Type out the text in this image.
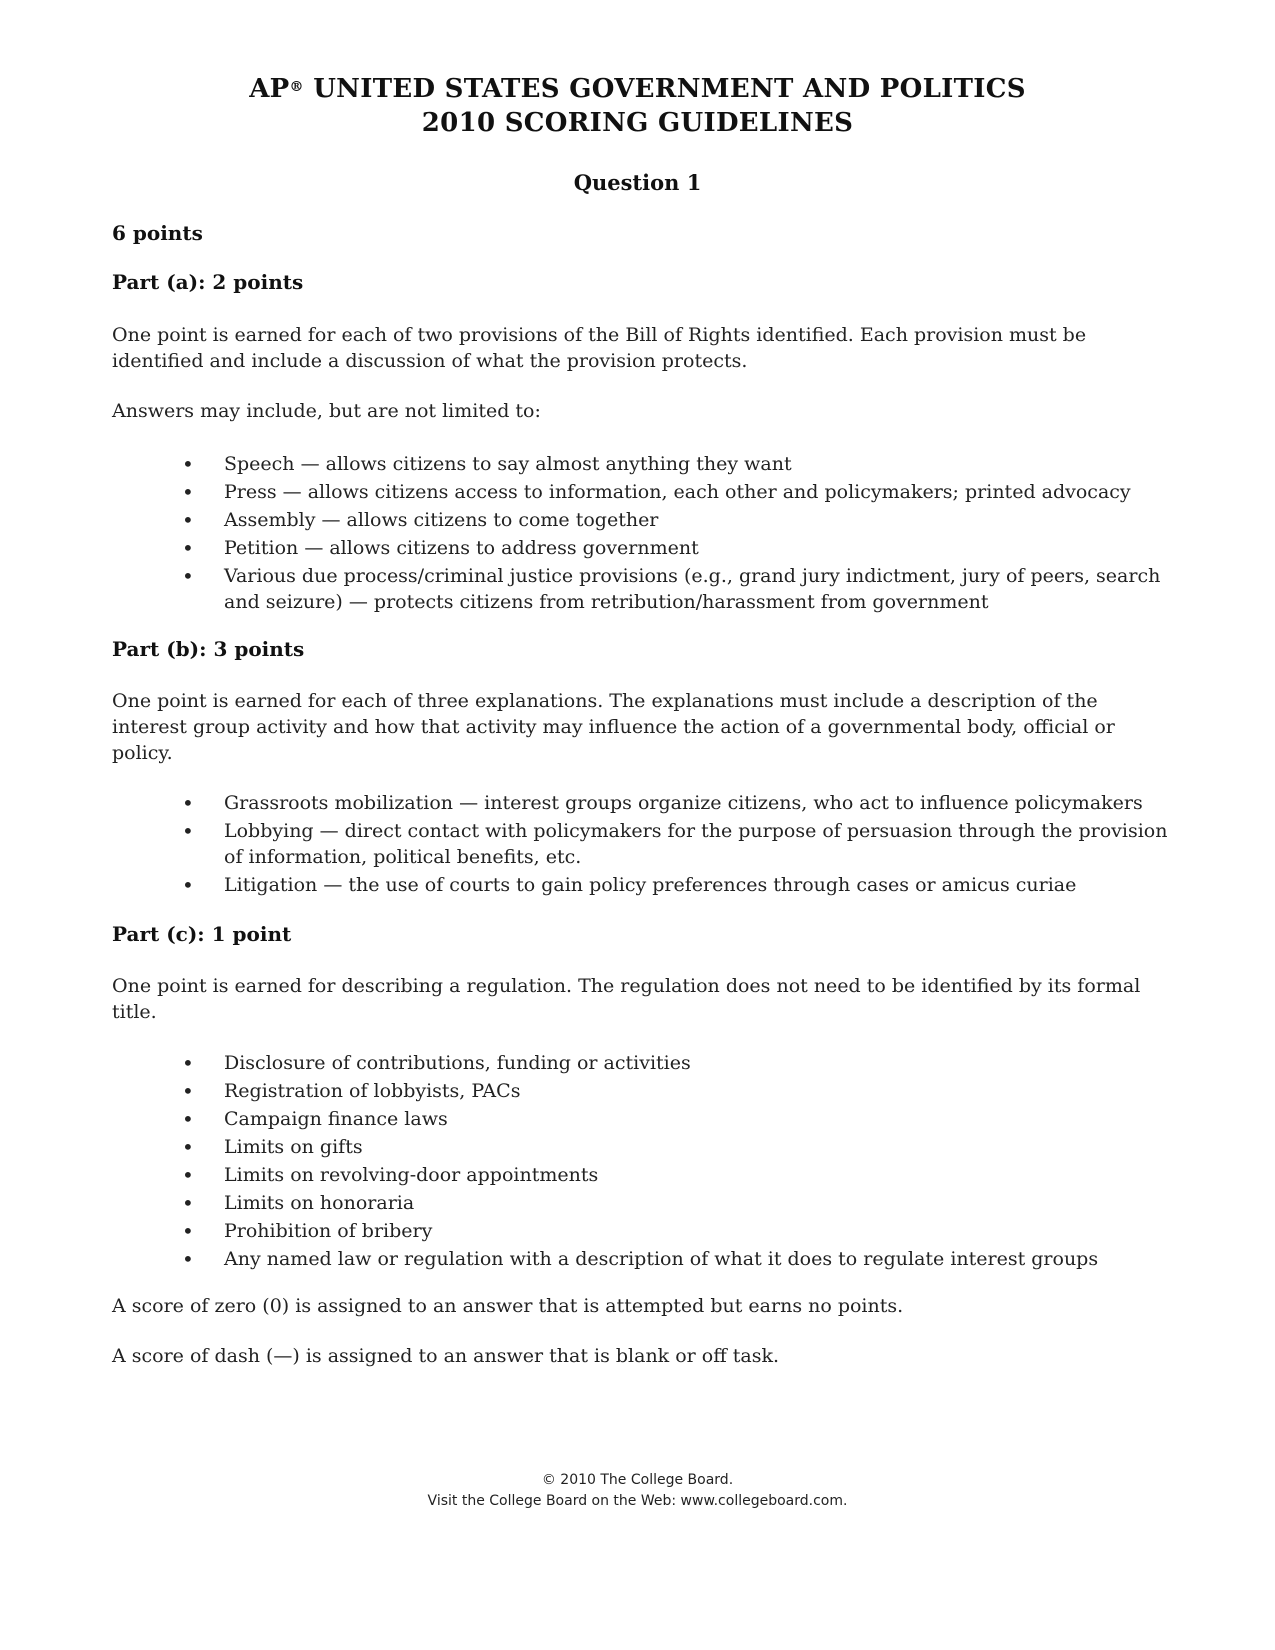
AP® UNITED STATES GOVERNMENT AND POLITICS
2010 SCORING GUIDELINES
Question 1
6 points
Part (a): 2 points
One point is earned for each of two provisions of the Bill of Rights identified. Each provision must be identified and include a discussion of what the provision protects.
Answers may include, but are not limited to:
• Speech — allows citizens to say almost anything they want
• Press — allows citizens access to information, each other and policymakers; printed advocacy
• Assembly — allows citizens to come together
• Petition — allows citizens to address government
• Various due process/criminal justice provisions (e.g., grand jury indictment, jury of peers, search and seizure) — protects citizens from retribution/harassment from government
Part (b): 3 points
One point is earned for each of three explanations. The explanations must include a description of the interest group activity and how that activity may influence the action of a governmental body, official or policy.
• Grassroots mobilization — interest groups organize citizens, who act to influence policymakers
• Lobbying — direct contact with policymakers for the purpose of persuasion through the provision of information, political benefits, etc.
• Litigation — the use of courts to gain policy preferences through cases or amicus curiae
Part (c): 1 point
One point is earned for describing a regulation. The regulation does not need to be identified by its formal title.
• Disclosure of contributions, funding or activities
• Registration of lobbyists, PACs
• Campaign finance laws
• Limits on gifts
• Limits on revolving-door appointments
• Limits on honoraria
• Prohibition of bribery
• Any named law or regulation with a description of what it does to regulate interest groups
A score of zero (0) is assigned to an answer that is attempted but earns no points.
A score of dash (—) is assigned to an answer that is blank or off task.
© 2010 The College Board.
Visit the College Board on the Web: www.collegeboard.com.
